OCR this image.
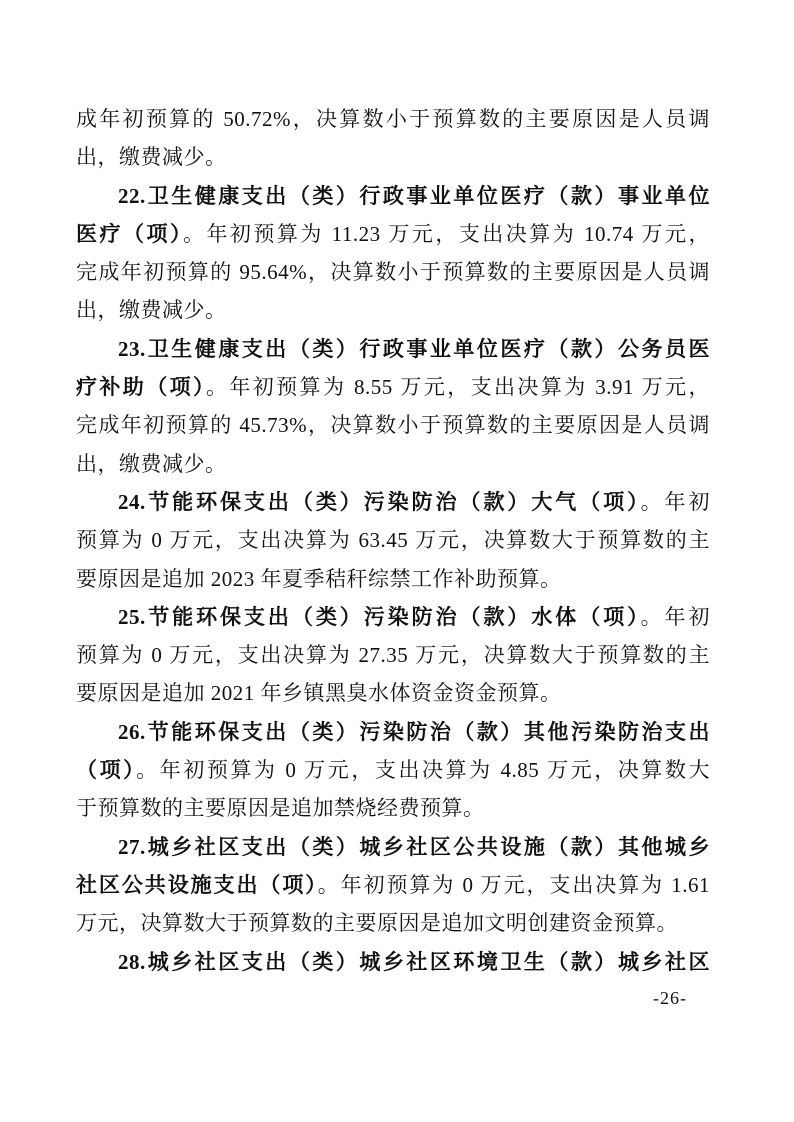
成年初预算的 50.72%，决算数小于预算数的主要原因是人员调
出，缴费减少。
22.卫生健康支出（类）行政事业单位医疗（款）事业单位
医疗（项）。年初预算为 11.23 万元，支出决算为 10.74 万元，
完成年初预算的 95.64%，决算数小于预算数的主要原因是人员调
出，缴费减少。
23.卫生健康支出（类）行政事业单位医疗（款）公务员医
疗补助（项）。年初预算为 8.55 万元，支出决算为 3.91 万元，
完成年初预算的 45.73%，决算数小于预算数的主要原因是人员调
出，缴费减少。
24.节能环保支出（类）污染防治（款）大气（项）。年初
预算为 0 万元，支出决算为 63.45 万元，决算数大于预算数的主
要原因是追加 2023 年夏季秸秆综禁工作补助预算。
25.节能环保支出（类）污染防治（款）水体（项）。年初
预算为 0 万元，支出决算为 27.35 万元，决算数大于预算数的主
要原因是追加 2021 年乡镇黑臭水体资金资金预算。
26.节能环保支出（类）污染防治（款）其他污染防治支出
（项）。年初预算为 0 万元，支出决算为 4.85 万元，决算数大
于预算数的主要原因是追加禁烧经费预算。
27.城乡社区支出（类）城乡社区公共设施（款）其他城乡
社区公共设施支出（项）。年初预算为 0 万元，支出决算为 1.61
万元，决算数大于预算数的主要原因是追加文明创建资金预算。
28.城乡社区支出（类）城乡社区环境卫生（款）城乡社区
-26-
